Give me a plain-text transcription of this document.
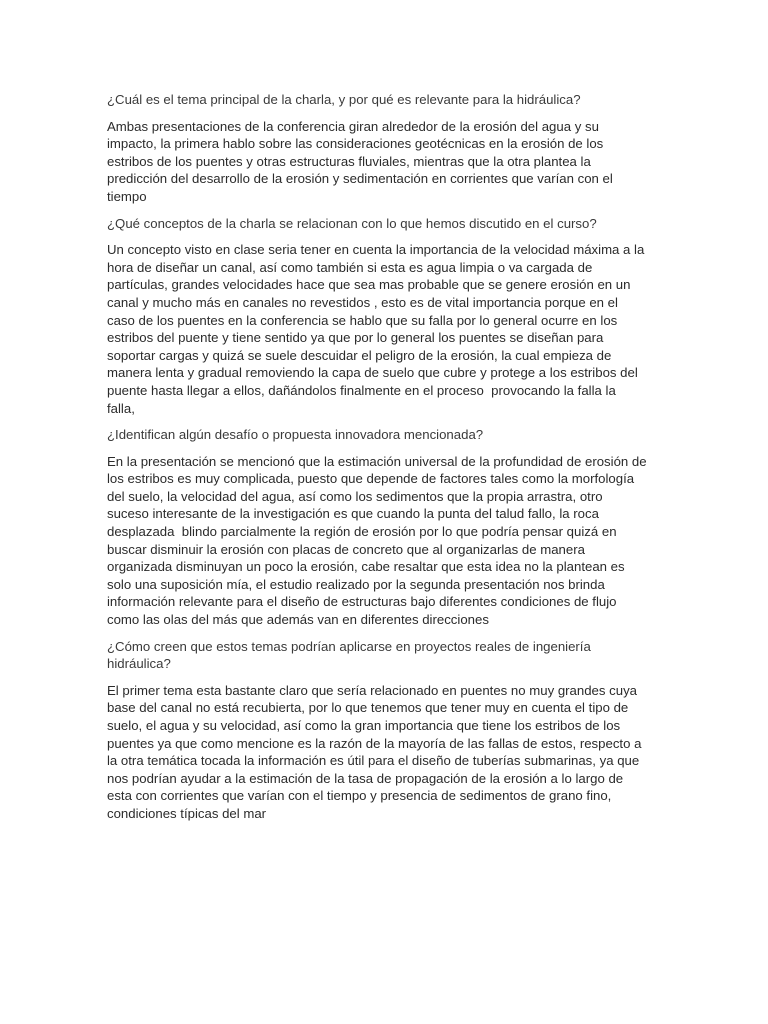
¿Cuál es el tema principal de la charla, y por qué es relevante para la hidráulica?

Ambas presentaciones de la conferencia giran alrededor de la erosión del agua y su
impacto, la primera hablo sobre las consideraciones geotécnicas en la erosión de los
estribos de los puentes y otras estructuras fluviales, mientras que la otra plantea la
predicción del desarrollo de la erosión y sedimentación en corrientes que varían con el
tiempo

¿Qué conceptos de la charla se relacionan con lo que hemos discutido en el curso?

Un concepto visto en clase seria tener en cuenta la importancia de la velocidad máxima a la
hora de diseñar un canal, así como también si esta es agua limpia o va cargada de
partículas, grandes velocidades hace que sea mas probable que se genere erosión en un
canal y mucho más en canales no revestidos , esto es de vital importancia porque en el
caso de los puentes en la conferencia se hablo que su falla por lo general ocurre en los
estribos del puente y tiene sentido ya que por lo general los puentes se diseñan para
soportar cargas y quizá se suele descuidar el peligro de la erosión, la cual empieza de
manera lenta y gradual removiendo la capa de suelo que cubre y protege a los estribos del
puente hasta llegar a ellos, dañándolos finalmente en el proceso  provocando la falla la
falla,

¿Identifican algún desafío o propuesta innovadora mencionada?

En la presentación se mencionó que la estimación universal de la profundidad de erosión de
los estribos es muy complicada, puesto que depende de factores tales como la morfología
del suelo, la velocidad del agua, así como los sedimentos que la propia arrastra, otro
suceso interesante de la investigación es que cuando la punta del talud fallo, la roca
desplazada  blindo parcialmente la región de erosión por lo que podría pensar quizá en
buscar disminuir la erosión con placas de concreto que al organizarlas de manera
organizada disminuyan un poco la erosión, cabe resaltar que esta idea no la plantean es
solo una suposición mía, el estudio realizado por la segunda presentación nos brinda
información relevante para el diseño de estructuras bajo diferentes condiciones de flujo
como las olas del más que además van en diferentes direcciones

¿Cómo creen que estos temas podrían aplicarse en proyectos reales de ingeniería
hidráulica?

El primer tema esta bastante claro que sería relacionado en puentes no muy grandes cuya
base del canal no está recubierta, por lo que tenemos que tener muy en cuenta el tipo de
suelo, el agua y su velocidad, así como la gran importancia que tiene los estribos de los
puentes ya que como mencione es la razón de la mayoría de las fallas de estos, respecto a
la otra temática tocada la información es útil para el diseño de tuberías submarinas, ya que
nos podrían ayudar a la estimación de la tasa de propagación de la erosión a lo largo de
esta con corrientes que varían con el tiempo y presencia de sedimentos de grano fino,
condiciones típicas del mar
